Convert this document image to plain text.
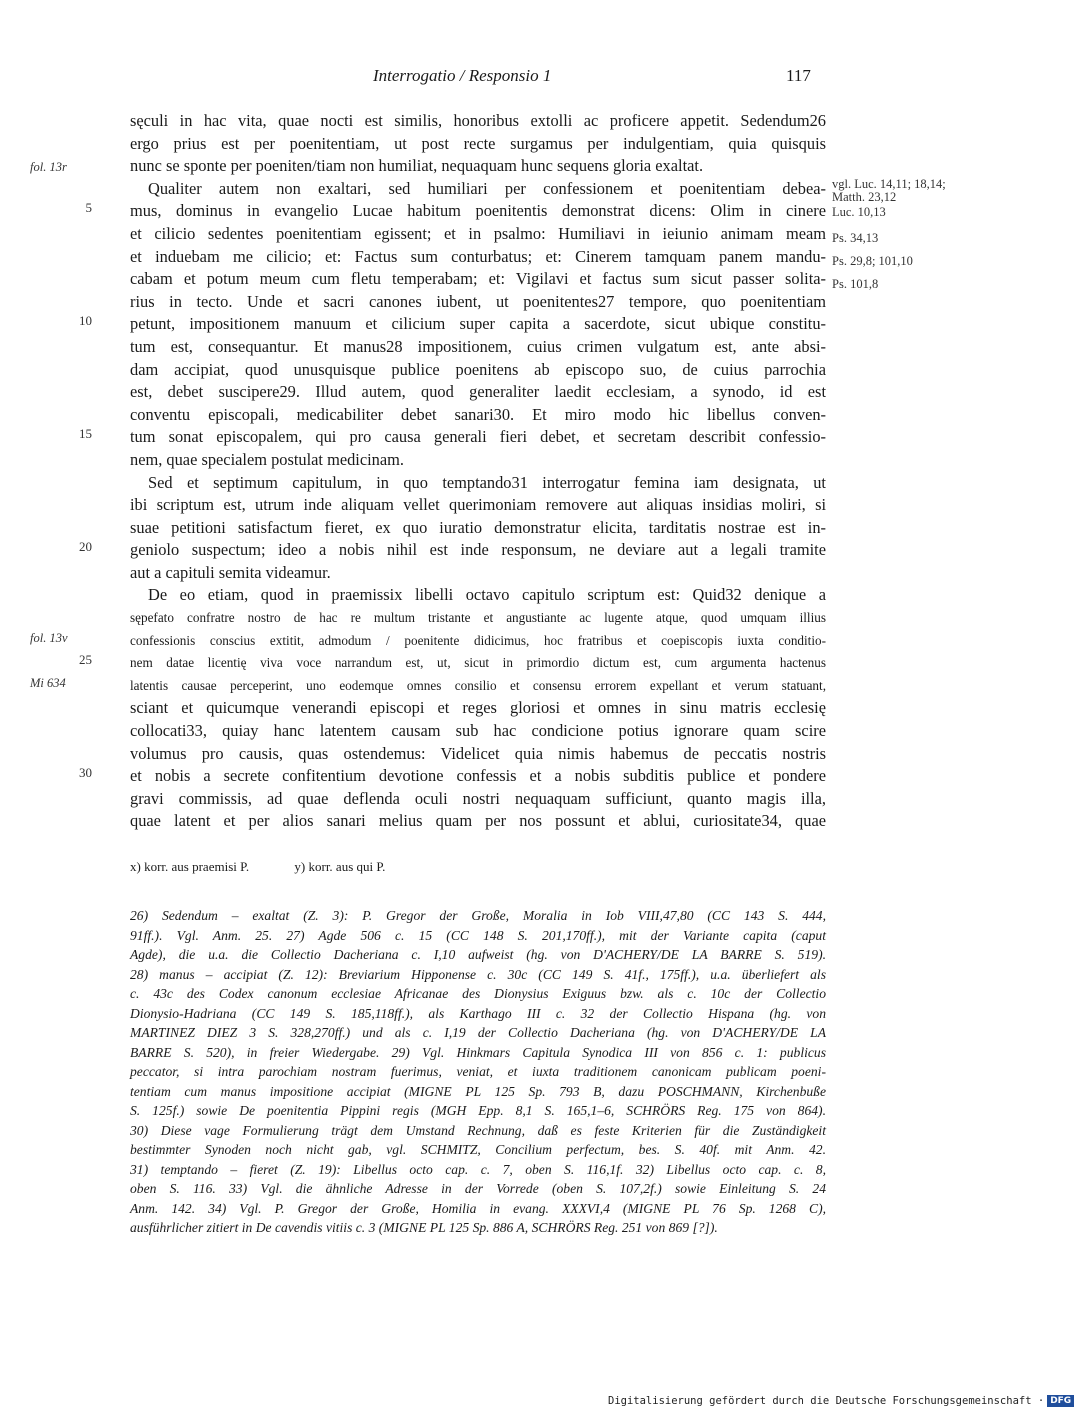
Interrogatio / Responsio 1	117
sęculi in hac vita, quae nocti est similis, honoribus extolli ac proficere appetit. Sedendum26
ergo prius est per poenitentiam, ut post recte surgamus per indulgentiam, quia quisquis
nunc se sponte per poeniten/tiam non humiliat, nequaquam hunc sequens gloria exaltat.
Qualiter autem non exaltari, sed humiliari per confessionem et poenitentiam debea-
mus, dominus in evangelio Lucae habitum poenitentis demonstrat dicens: Olim in cinere
et cilicio sedentes poenitentiam egissent; et in psalmo: Humiliavi in ieiunio animam meam
et induebam me cilicio; et: Factus sum conturbatus; et: Cinerem tamquam panem mandu-
cabam et potum meum cum fletu temperabam; et: Vigilavi et factus sum sicut passer solita-
rius in tecto. Unde et sacri canones iubent, ut poenitentes27 tempore, quo poenitentiam
petunt, impositionem manuum et cilicium super capita a sacerdote, sicut ubique constitu-
tum est, consequantur. Et manus28 impositionem, cuius crimen vulgatum est, ante absi-
dam accipiat, quod unusquisque publice poenitens ab episcopo suo, de cuius parrochia
est, debet suscipere29. Illud autem, quod generaliter laedit ecclesiam, a synodo, id est
conventu episcopali, medicabiliter debet sanari30. Et miro modo hic libellus conven-
tum sonat episcopalem, qui pro causa generali fieri debet, et secretam describit confessio-
nem, quae specialem postulat medicinam.
Sed et septimum capitulum, in quo temptando31 interrogatur femina iam designata, ut
ibi scriptum est, utrum inde aliquam vellet querimoniam removere aut aliquas insidias moliri, si
suae petitioni satisfactum fieret, ex quo iuratio demonstratur elicita, tarditatis nostrae est in-
geniolo suspectum; ideo a nobis nihil est inde responsum, ne deviare aut a legali tramite
aut a capituli semita videamur.
De eo etiam, quod in praemissix libelli octavo capitulo scriptum est: Quid32 denique a
sępefato confratre nostro de hac re multum tristante et angustiante ac lugente atque, quod umquam illius
confessionis conscius extitit, admodum / poenitente didicimus, hoc fratribus et coepiscopis iuxta conditio-
nem datae licentię viva voce narrandum est, ut, sicut in primordio dictum est, cum argumenta hactenus
latentis causae perceperint, uno eodemque omnes consilio et consensu errorem expellant et verum statuant,
sciant et quicumque venerandi episcopi et reges gloriosi et omnes in sinu matris ecclesię
collocati33, quiay hanc latentem causam sub hac condicione potius ignorare quam scire
volumus pro causis, quas ostendemus: Videlicet quia nimis habemus de peccatis nostris
et nobis a secrete confitentium devotione confessis et a nobis subditis publice et pondere
gravi commissis, ad quae deflenda oculi nostri nequaquam sufficiunt, quanto magis illa,
quae latent et per alios sanari melius quam per nos possunt et ablui, curiositate34, quae
5
10
15
20
25
30
fol. 13r
fol. 13v
Mi 634
vgl. Luc. 14,11; 18,14;
Matth. 23,12
Luc. 10,13
Ps. 34,13
Ps. 29,8; 101,10
Ps. 101,8
x) korr. aus praemisi P.	y) korr. aus qui P.
26) Sedendum – exaltat (Z. 3): P. Gregor der Große, Moralia in Iob VIII,47,80 (CC 143 S. 444,
91ff.). Vgl. Anm. 25. 27) Agde 506 c. 15 (CC 148 S. 201,170ff.), mit der Variante capita (caput
Agde), die u.a. die Collectio Dacheriana c. I,10 aufweist (hg. von D'ACHERY/DE LA BARRE S. 519).
28) manus – accipiat (Z. 12): Breviarium Hipponense c. 30c (CC 149 S. 41f., 175ff.), u.a. überliefert als
c. 43c des Codex canonum ecclesiae Africanae des Dionysius Exiguus bzw. als c. 10c der Collectio
Dionysio-Hadriana (CC 149 S. 185,118ff.), als Karthago III c. 32 der Collectio Hispana (hg. von
MARTINEZ DIEZ 3 S. 328,270ff.) und als c. I,19 der Collectio Dacheriana (hg. von D'ACHERY/DE LA
BARRE S. 520), in freier Wiedergabe. 29) Vgl. Hinkmars Capitula Synodica III von 856 c. 1: publicus
peccator, si intra parochiam nostram fuerimus, veniat, et iuxta traditionem canonicam publicam poeni-
tentiam cum manus impositione accipiat (MIGNE PL 125 Sp. 793 B, dazu POSCHMANN, Kirchenbuße
S. 125f.) sowie De poenitentia Pippini regis (MGH Epp. 8,1 S. 165,1–6, SCHRÖRS Reg. 175 von 864).
30) Diese vage Formulierung trägt dem Umstand Rechnung, daß es feste Kriterien für die Zuständigkeit
bestimmter Synoden noch nicht gab, vgl. SCHMITZ, Concilium perfectum, bes. S. 40f. mit Anm. 42.
31) temptando – fieret (Z. 19): Libellus octo cap. c. 7, oben S. 116,1f. 32) Libellus octo cap. c. 8,
oben S. 116. 33) Vgl. die ähnliche Adresse in der Vorrede (oben S. 107,2f.) sowie Einleitung S. 24
Anm. 142. 34) Vgl. P. Gregor der Große, Homilia in evang. XXXVI,4 (MIGNE PL 76 Sp. 1268 C),
ausführlicher zitiert in De cavendis vitiis c. 3 (MIGNE PL 125 Sp. 886 A, SCHRÖRS Reg. 251 von 869 [?]).
Digitalisierung gefördert durch die Deutsche Forschungsgemeinschaft · DFG
